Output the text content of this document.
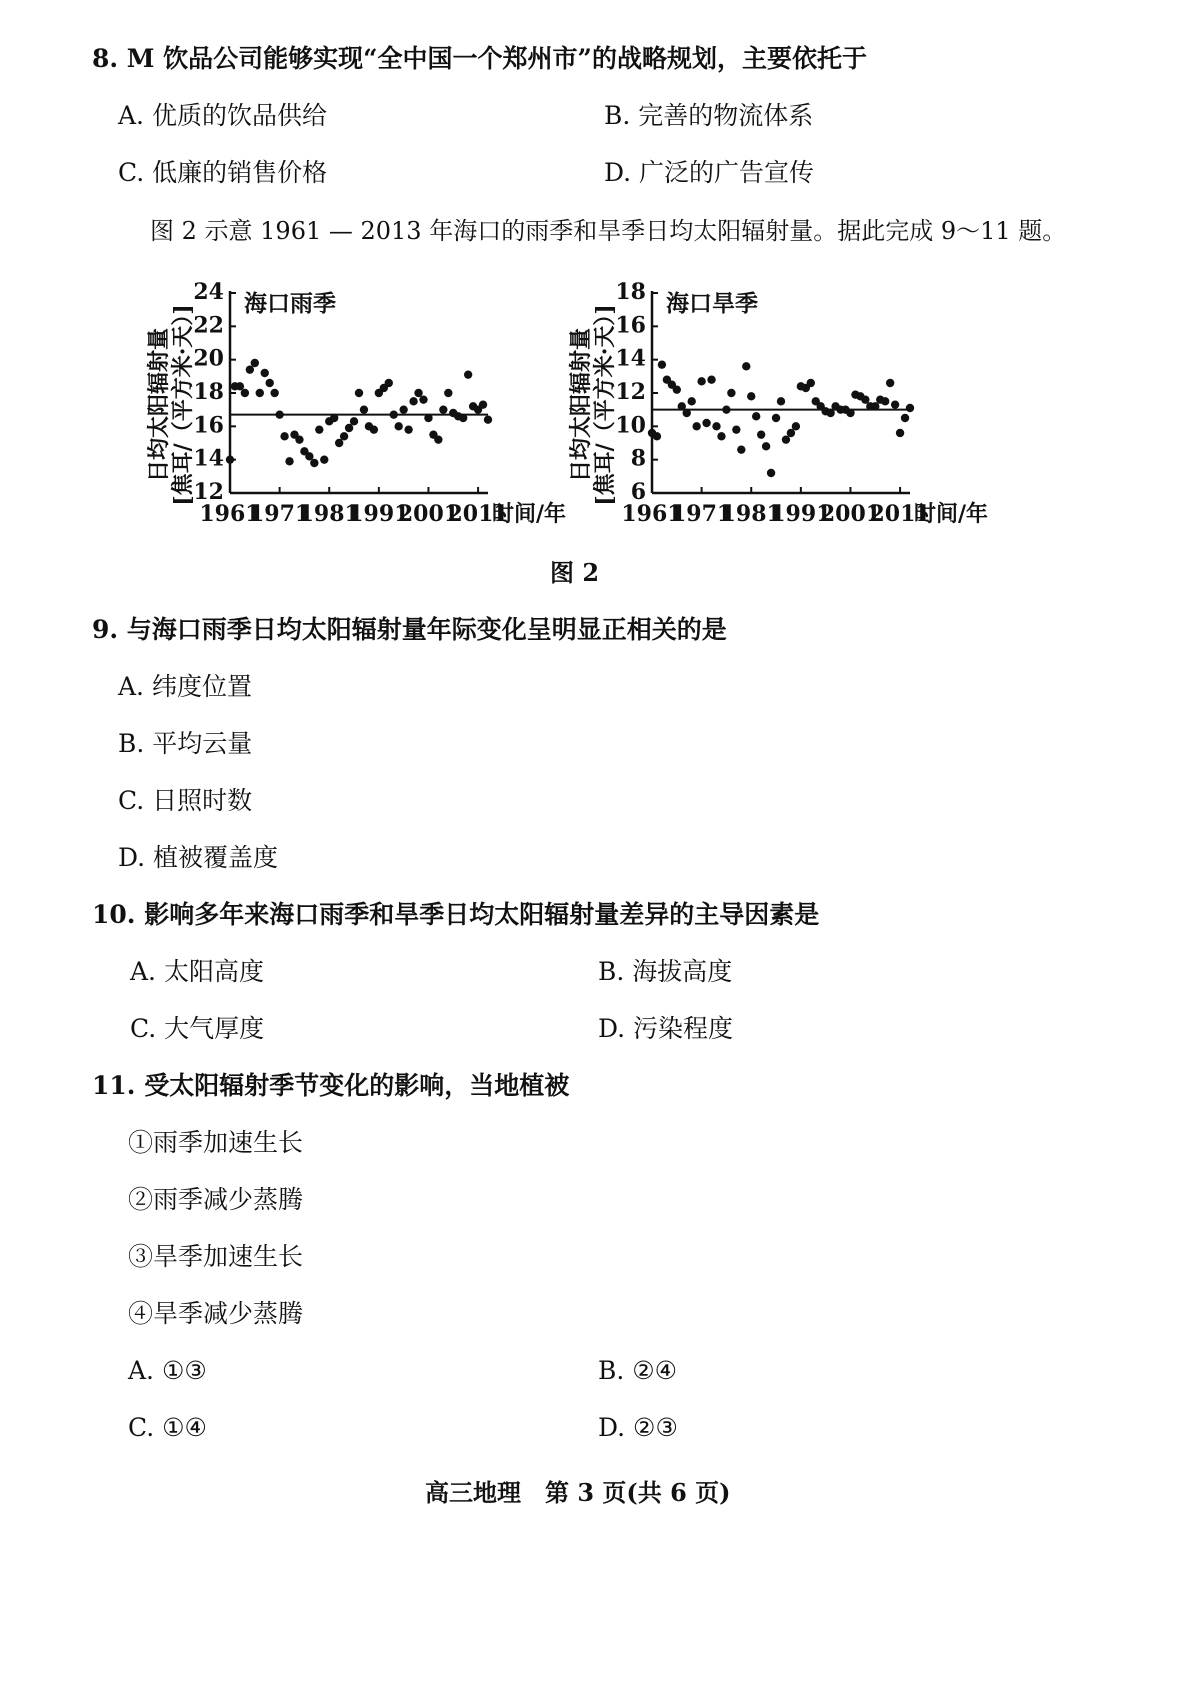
8. M 饮品公司能够实现“全中国一个郑州市”的战略规划，主要依托于
A. 优质的饮品供给	B. 完善的物流体系
C. 低廉的销售价格	D. 广泛的广告宣传
图 2 示意 1961 — 2013 年海口的雨季和旱季日均太阳辐射量。据此完成 9～11 题。
日均太阳辐射量
[焦耳/（平方米·天）]
12
14
16
18
20
22
24
1961
1971
1981
1991
2001
2011
海口雨季
时间/年
日均太阳辐射量
[焦耳/（平方米·天）] 6
8
10
12
14
16
18
1961
1971
1981
1991
2001
2011
海口旱季
时间/年
图 2
9. 与海口雨季日均太阳辐射量年际变化呈明显正相关的是
A. 纬度位置
B. 平均云量
C. 日照时数
D. 植被覆盖度
10. 影响多年来海口雨季和旱季日均太阳辐射量差异的主导因素是
A. 太阳高度	B. 海拔高度
C. 大气厚度	D. 污染程度
11. 受太阳辐射季节变化的影响，当地植被
①雨季加速生长
②雨季减少蒸腾
③旱季加速生长
④旱季减少蒸腾
A. ①③	B. ②④
C. ①④	D. ②③
高三地理　第 3 页(共 6 页)
